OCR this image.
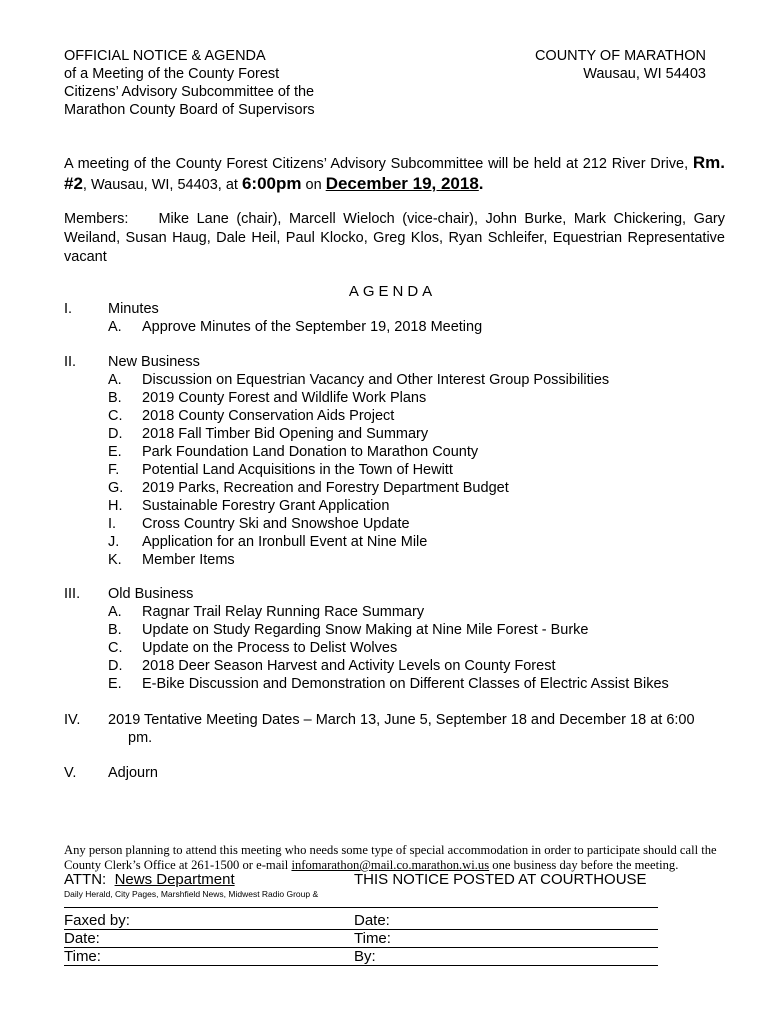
OFFICIAL NOTICE & AGENDA
of a Meeting of the County Forest
Citizens’ Advisory Subcommittee of the
Marathon County Board of Supervisors
COUNTY OF MARATHON
Wausau, WI 54403
A meeting of the County Forest Citizens’ Advisory Subcommittee will be held at 212 River Drive, Rm. #2, Wausau, WI, 54403, at 6:00pm on December 19, 2018.
Members:    Mike Lane (chair), Marcell Wieloch (vice-chair), John Burke, Mark Chickering, Gary Weiland, Susan Haug, Dale Heil, Paul Klocko, Greg Klos, Ryan Schleifer, Equestrian Representative vacant
AGENDA
I. Minutes
A. Approve Minutes of the September 19, 2018 Meeting
II. New Business
A. Discussion on Equestrian Vacancy and Other Interest Group Possibilities
B. 2019 County Forest and Wildlife Work Plans
C. 2018 County Conservation Aids Project
D. 2018 Fall Timber Bid Opening and Summary
E. Park Foundation Land Donation to Marathon County
F. Potential Land Acquisitions in the Town of Hewitt
G. 2019 Parks, Recreation and Forestry Department Budget
H. Sustainable Forestry Grant Application
I. Cross Country Ski and Snowshoe Update
J. Application for an Ironbull Event at Nine Mile
K. Member Items
III. Old Business
A. Ragnar Trail Relay Running Race Summary
B. Update on Study Regarding Snow Making at Nine Mile Forest - Burke
C. Update on the Process to Delist Wolves
D. 2018 Deer Season Harvest and Activity Levels on County Forest
E. E-Bike Discussion and Demonstration on Different Classes of Electric Assist Bikes
IV. 2019 Tentative Meeting Dates – March 13, June 5, September 18 and December 18 at 6:00
pm.
V. Adjourn
Any person planning to attend this meeting who needs some type of special accommodation in order to participate should call the County Clerk’s Office at 261-1500 or e-mail infomarathon@mail.co.marathon.wi.us one business day before the meeting.
ATTN:  News Department	THIS NOTICE POSTED AT COURTHOUSE
Daily Herald, City Pages, Marshfield News, Midwest Radio Group &
Faxed by:	Date:
Date:	Time:
Time:	By:
